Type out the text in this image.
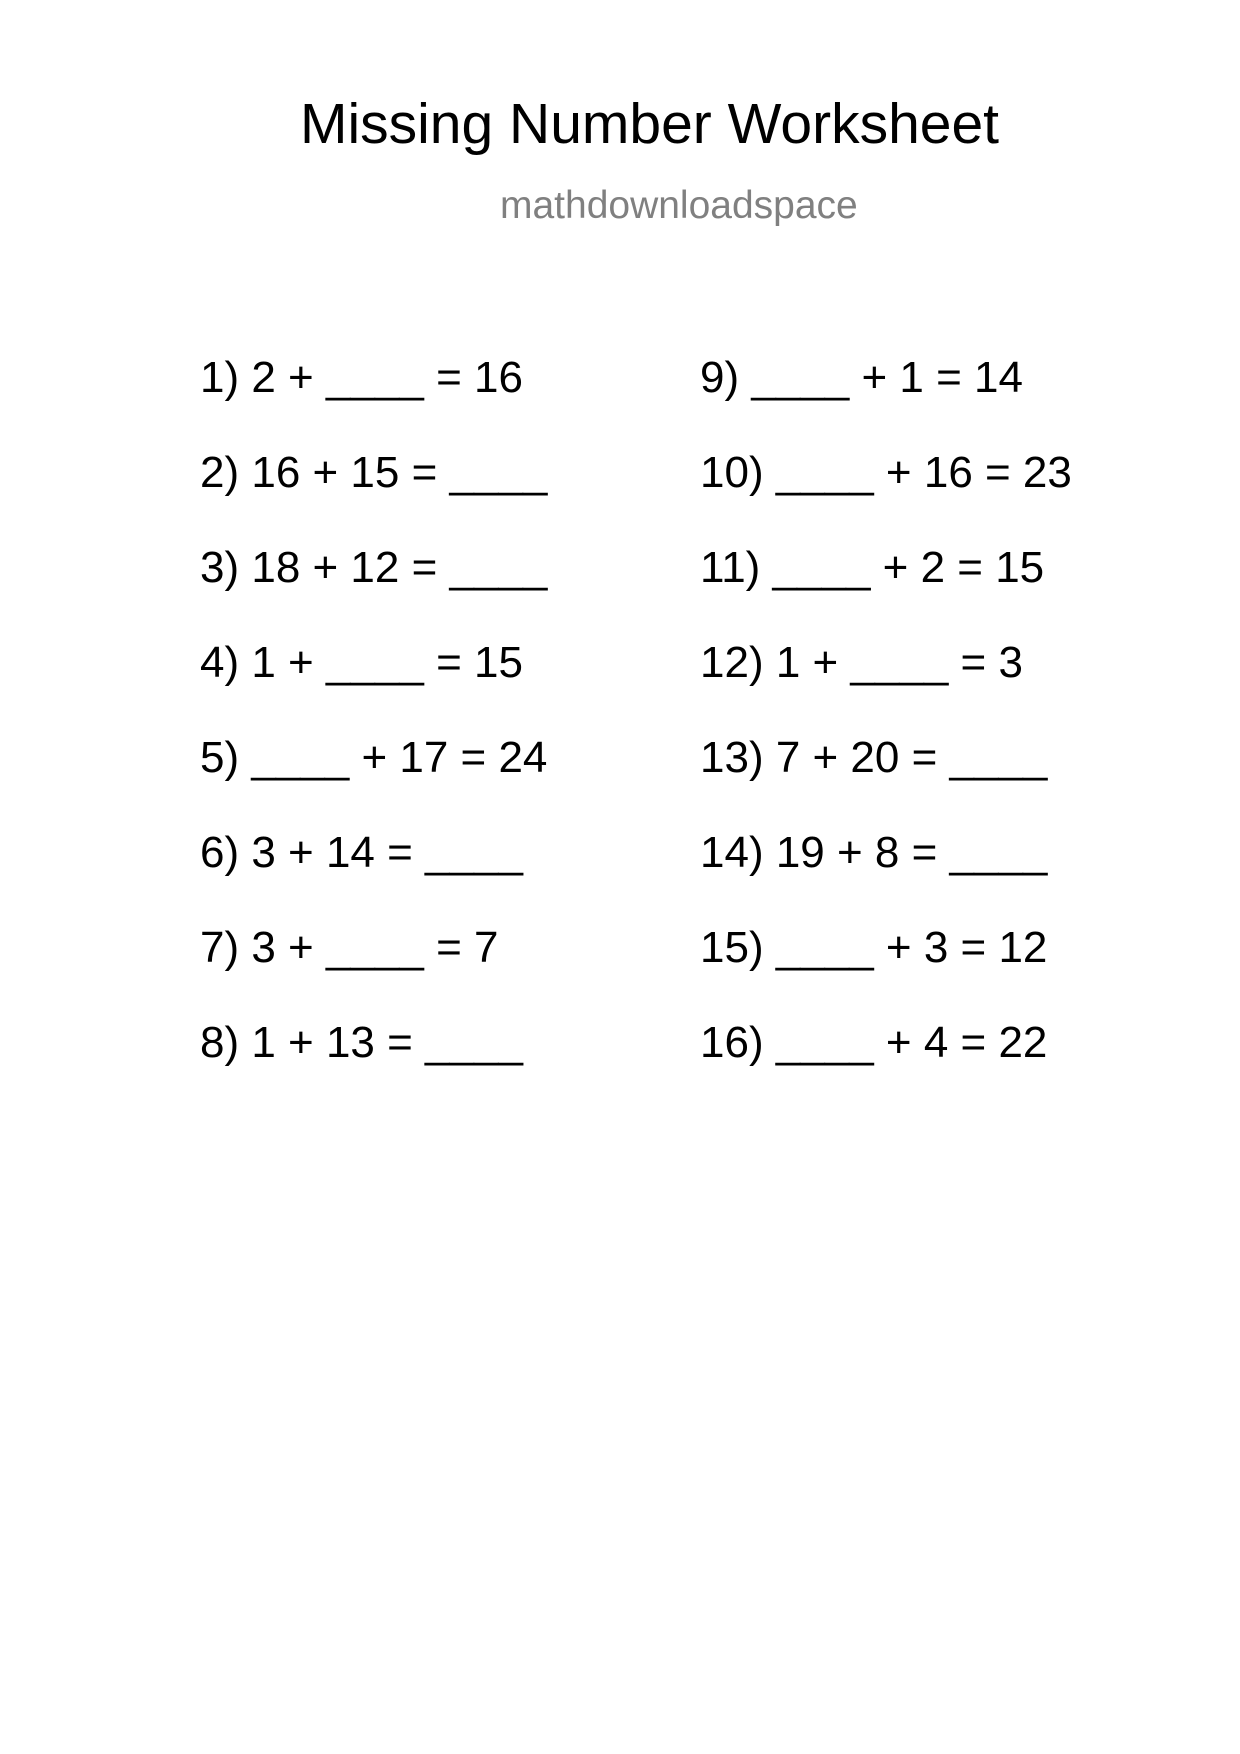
Missing Number Worksheet
mathdownloadspace
1) 2 + ____ = 16
2) 16 + 15 = ____
3) 18 + 12 = ____
4) 1 + ____ = 15
5) ____ + 17 = 24
6) 3 + 14 = ____
7) 3 + ____ = 7
8) 1 + 13 = ____
9) ____ + 1 = 14
10) ____ + 16 = 23
11) ____ + 2 = 15
12) 1 + ____ = 3
13) 7 + 20 = ____
14) 19 + 8 = ____
15) ____ + 3 = 12
16) ____ + 4 = 22
